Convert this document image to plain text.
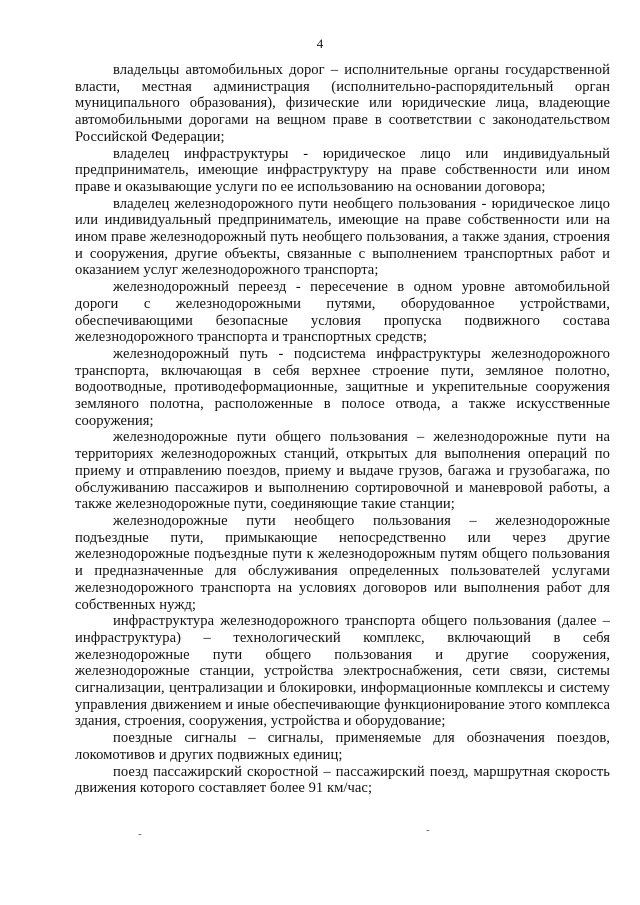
4

владельцы автомобильных дорог – исполнительные органы государственной власти, местная администрация (исполнительно-распорядительный орган муниципального образования), физические или юридические лица, владеющие автомобильными дорогами на вещном праве в соответствии с законодательством Российской Федерации;

владелец инфраструктуры - юридическое лицо или индивидуальный предприниматель, имеющие инфраструктуру на праве собственности или ином праве и оказывающие услуги по ее использованию на основании договора;

владелец железнодорожного пути необщего пользования - юридическое лицо или индивидуальный предприниматель, имеющие на праве собственности или на ином праве железнодорожный путь необщего пользования, а также здания, строения и сооружения, другие объекты, связанные с выполнением транспортных работ и оказанием услуг железнодорожного транспорта;

железнодорожный переезд - пересечение в одном уровне автомобильной дороги с железнодорожными путями, оборудованное устройствами, обеспечивающими безопасные условия пропуска подвижного состава железнодорожного транспорта и транспортных средств;

железнодорожный путь - подсистема инфраструктуры железнодорожного транспорта, включающая в себя верхнее строение пути, земляное полотно, водоотводные, противодеформационные, защитные и укрепительные сооружения земляного полотна, расположенные в полосе отвода, а также искусственные сооружения;

железнодорожные пути общего пользования – железнодорожные пути на территориях железнодорожных станций, открытых для выполнения операций по приему и отправлению поездов, приему и выдаче грузов, багажа и грузобагажа, по обслуживанию пассажиров и выполнению сортировочной и маневровой работы, а также железнодорожные пути, соединяющие такие станции;

железнодорожные пути необщего пользования – железнодорожные подъездные пути, примыкающие непосредственно или через другие железнодорожные подъездные пути к железнодорожным путям общего пользования и предназначенные для обслуживания определенных пользователей услугами железнодорожного транспорта на условиях договоров или выполнения работ для собственных нужд;

инфраструктура железнодорожного транспорта общего пользования (далее – инфраструктура) – технологический комплекс, включающий в себя железнодорожные пути общего пользования и другие сооружения, железнодорожные станции, устройства электроснабжения, сети связи, системы сигнализации, централизации и блокировки, информационные комплексы и систему управления движением и иные обеспечивающие функционирование этого комплекса здания, строения, сооружения, устройства и оборудование;

поездные сигналы – сигналы, применяемые для обозначения поездов, локомотивов и других подвижных единиц;

поезд пассажирский скоростной – пассажирский поезд, маршрутная скорость движения которого составляет более 91 км/час;

˜	˜
